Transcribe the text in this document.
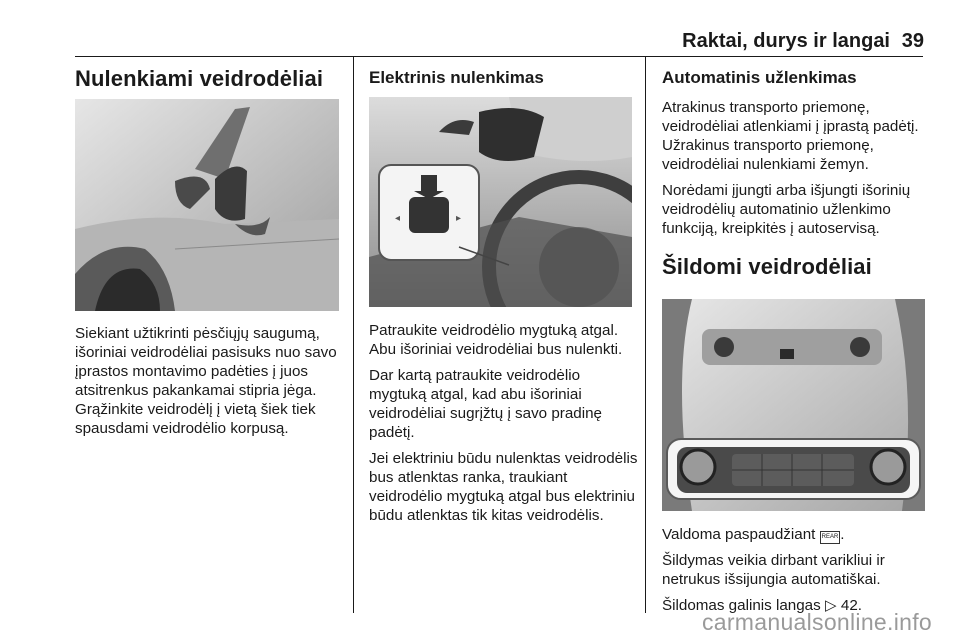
Raktai, durys ir langai 39
Nulenkiami veidrodėliai

Siekiant užtikrinti pėsčiųjų saugumą, išoriniai veidrodėliai pasisuks nuo savo įprastos montavimo padėties į juos atsitrenkus pakankamai stipria jėga. Grąžinkite veidrodėlį į vietą šiek tiek spausdami veidrodėlio korpusą.

Elektrinis nulenkimas
◂	▸

Patraukite veidrodėlio mygtuką atgal. Abu išoriniai veidrodėliai bus nulenkti.

Dar kartą patraukite veidrodėlio mygtuką atgal, kad abu išoriniai veidrodėliai sugrįžtų į savo pradinę padėtį.

Jei elektriniu būdu nulenktas veidrodėlis bus atlenktas ranka, traukiant veidrodėlio mygtuką atgal bus elektriniu būdu atlenktas tik kitas veidrodėlis.

Automatinis užlenkimas

Atrakinus transporto priemonę, veidrodėliai atlenkiami į įprastą padėtį. Užrakinus transporto priemonę, veidrodėliai nulenkiami žemyn.

Norėdami įjungti arba išjungti išorinių veidrodėlių automatinio užlenkimo funkciją, kreipkitės į autoservisą.

Šildomi veidrodėliai

Valdoma paspaudžiant REAR .

Šildymas veikia dirbant varikliui ir netrukus išsijungia automatiškai.

Šildomas galinis langas ▷ 42.

carmanualsonline.info
